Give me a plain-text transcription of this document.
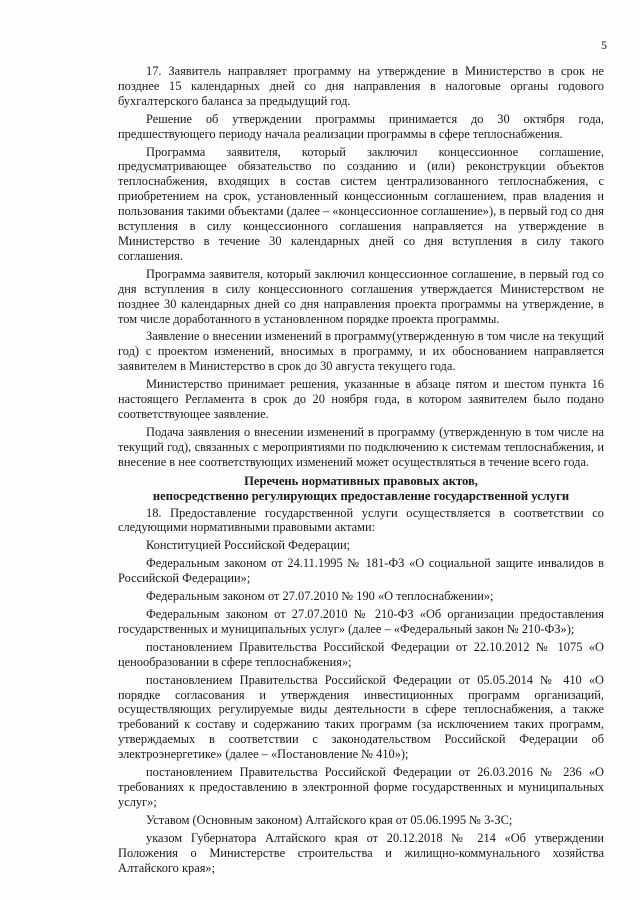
5

17. Заявитель направляет программу на утверждение в Министерство в срок не позднее 15 календарных дней со дня направления в налоговые органы годового бухгалтерского баланса за предыдущий год.

Решение об утверждении программы принимается до 30 октября года, предшествующего периоду начала реализации программы в сфере теплоснабжения.

Программа заявителя, который заключил концессионное соглашение, предусматривающее обязательство по созданию и (или) реконструкции объектов теплоснабжения, входящих в состав систем централизованного теплоснабжения, с приобретением на срок, установленный концессионным соглашением, прав владения и пользования такими объектами (далее – «концессионное соглашение»), в первый год со дня вступления в силу концессионного соглашения направляется на утверждение в Министерство в течение 30 календарных дней со дня вступления в силу такого соглашения.

Программа заявителя, который заключил концессионное соглашение, в первый год со дня вступления в силу концессионного соглашения утверждается Министерством не позднее 30 календарных дней со дня направления проекта программы на утверждение, в том числе доработанного в установленном порядке проекта программы.

Заявление о внесении изменений в программу(утвержденную в том числе на текущий год) с проектом изменений, вносимых в программу, и их обоснованием направляется заявителем в Министерство в срок до 30 августа текущего года.

Министерство принимает решения, указанные в абзаце пятом и шестом пункта 16 настоящего Регламента в срок до 20 ноября года, в котором заявителем было подано соответствующее заявление.

Подача заявления о внесении изменений в программу (утвержденную в том числе на текущий год), связанных с мероприятиями по подключению к системам теплоснабжения, и внесение в нее соответствующих изменений может осуществляться в течение всего года.

Перечень нормативных правовых актов,
непосредственно регулирующих предоставление государственной услуги

18. Предоставление государственной услуги осуществляется в соответствии со следующими нормативными правовыми актами:

Конституцией Российской Федерации;

Федеральным законом от 24.11.1995 № 181-ФЗ «О социальной защите инвалидов в Российской Федерации»;

Федеральным законом от 27.07.2010 № 190 «О теплоснабжении»;

Федеральным законом от 27.07.2010 № 210-ФЗ «Об организации предоставления государственных и муниципальных услуг» (далее – «Федеральный закон № 210-ФЗ»);

постановлением Правительства Российской Федерации от 22.10.2012 № 1075 «О ценообразовании в сфере теплоснабжения»;

постановлением Правительства Российской Федерации от 05.05.2014 № 410 «О порядке согласования и утверждения инвестиционных программ организаций, осуществляющих регулируемые виды деятельности в сфере теплоснабжения, а также требований к составу и содержанию таких программ (за исключением таких программ, утверждаемых в соответствии с законодательством Российской Федерации об электроэнергетике» (далее – «Постановление № 410»);

постановлением Правительства Российской Федерации от 26.03.2016 № 236 «О требованиях к предоставлению в электронной форме государственных и муниципальных услуг»;

Уставом (Основным законом) Алтайского края от 05.06.1995 № 3-ЗС;

указом Губернатора Алтайского края от 20.12.2018 № 214 «Об утверждении Положения о Министерстве строительства и жилищно-коммунального хозяйства Алтайского края»;
